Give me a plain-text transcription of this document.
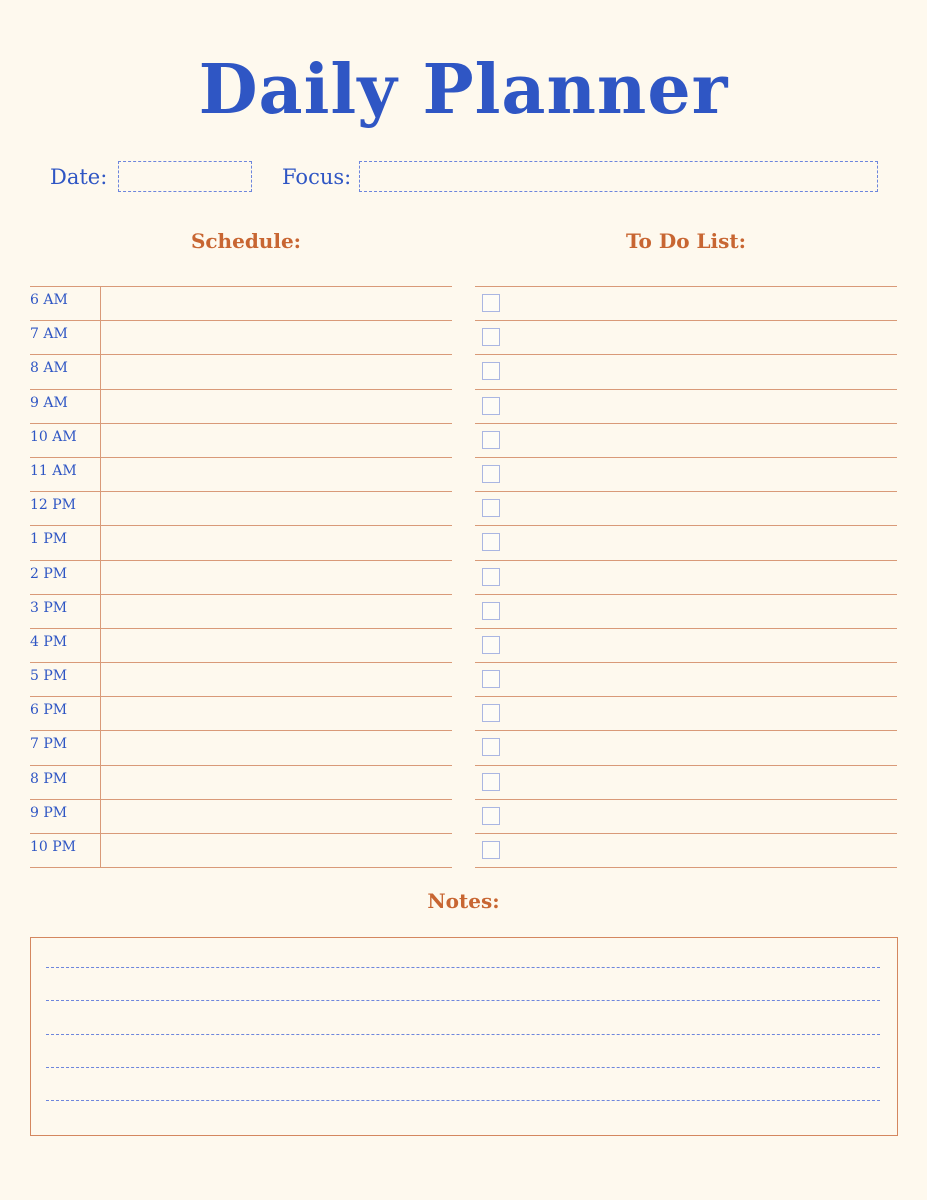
Daily Planner
Date:	Focus:
Schedule:	To Do List:
6 AM
7 AM
8 AM
9 AM
10 AM
11 AM
12 PM
1 PM
2 PM
3 PM
4 PM
5 PM
6 PM
7 PM
8 PM
9 PM
10 PM
Notes:
